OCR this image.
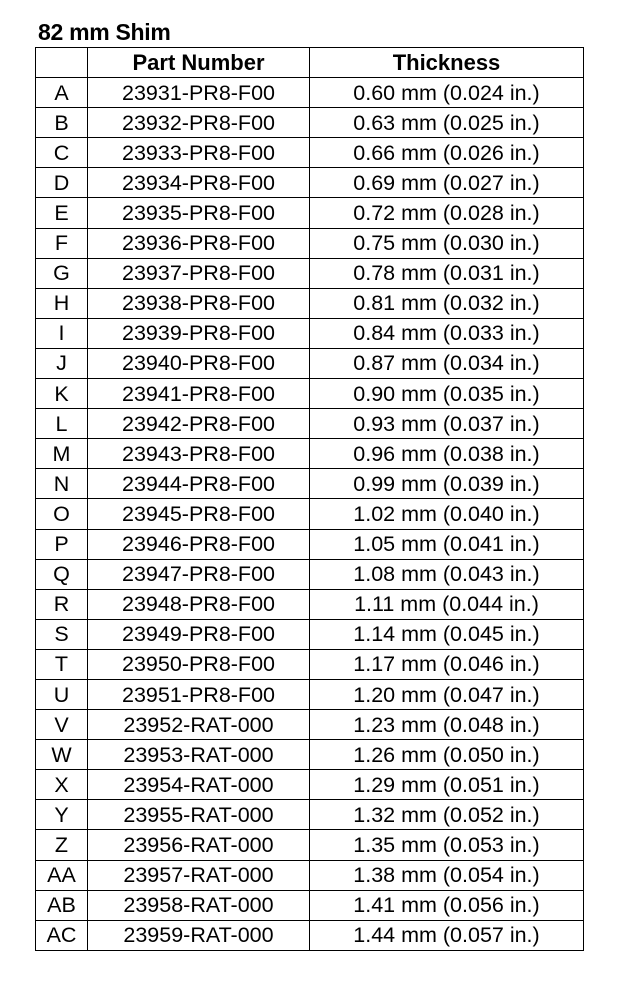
82 mm Shim
	Part Number	Thickness
A	23931-PR8-F00	0.60 mm (0.024 in.)
B	23932-PR8-F00	0.63 mm (0.025 in.)
C	23933-PR8-F00	0.66 mm (0.026 in.)
D	23934-PR8-F00	0.69 mm (0.027 in.)
E	23935-PR8-F00	0.72 mm (0.028 in.)
F	23936-PR8-F00	0.75 mm (0.030 in.)
G	23937-PR8-F00	0.78 mm (0.031 in.)
H	23938-PR8-F00	0.81 mm (0.032 in.)
I	23939-PR8-F00	0.84 mm (0.033 in.)
J	23940-PR8-F00	0.87 mm (0.034 in.)
K	23941-PR8-F00	0.90 mm (0.035 in.)
L	23942-PR8-F00	0.93 mm (0.037 in.)
M	23943-PR8-F00	0.96 mm (0.038 in.)
N	23944-PR8-F00	0.99 mm (0.039 in.)
O	23945-PR8-F00	1.02 mm (0.040 in.)
P	23946-PR8-F00	1.05 mm (0.041 in.)
Q	23947-PR8-F00	1.08 mm (0.043 in.)
R	23948-PR8-F00	1.11 mm (0.044 in.)
S	23949-PR8-F00	1.14 mm (0.045 in.)
T	23950-PR8-F00	1.17 mm (0.046 in.)
U	23951-PR8-F00	1.20 mm (0.047 in.)
V	23952-RAT-000	1.23 mm (0.048 in.)
W	23953-RAT-000	1.26 mm (0.050 in.)
X	23954-RAT-000	1.29 mm (0.051 in.)
Y	23955-RAT-000	1.32 mm (0.052 in.)
Z	23956-RAT-000	1.35 mm (0.053 in.)
AA	23957-RAT-000	1.38 mm (0.054 in.)
AB	23958-RAT-000	1.41 mm (0.056 in.)
AC	23959-RAT-000	1.44 mm (0.057 in.)
